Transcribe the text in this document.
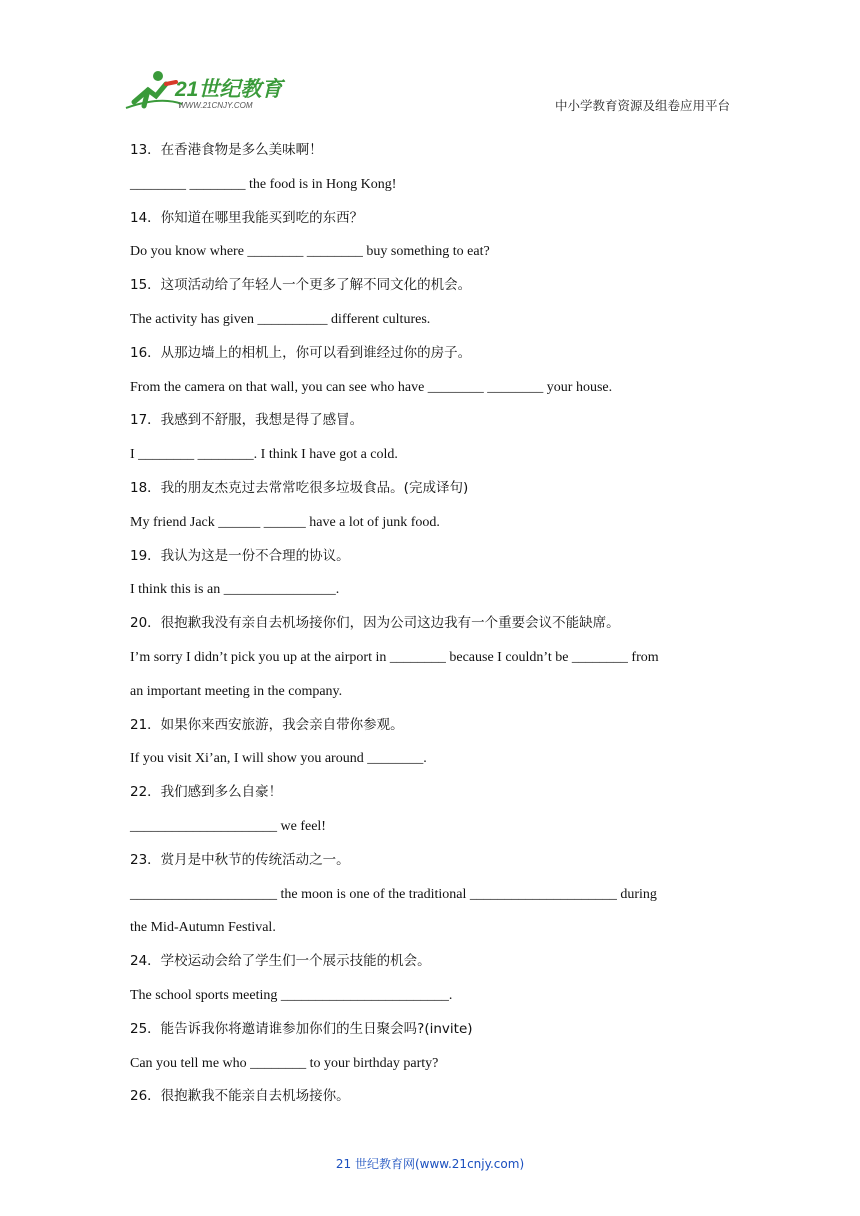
21世纪教育
WWW.21CNJY.COM	中小学教育资源及组卷应用平台
13．在香港食物是多么美味啊！
________ ________ the food is in Hong Kong!
14．你知道在哪里我能买到吃的东西？
Do you know where ________ ________ buy something to eat?
15．这项活动给了年轻人一个更多了解不同文化的机会。
The activity has given __________ different cultures.
16．从那边墙上的相机上，你可以看到谁经过你的房子。
From the camera on that wall, you can see who have ________ ________ your house.
17．我感到不舒服，我想是得了感冒。
I ________ ________. I think I have got a cold.
18．我的朋友杰克过去常常吃很多垃圾食品。(完成译句)
My friend Jack ______ ______ have a lot of junk food.
19．我认为这是一份不合理的协议。
I think this is an ________________.
20．很抱歉我没有亲自去机场接你们，因为公司这边我有一个重要会议不能缺席。
I’m sorry I didn’t pick you up at the airport in ________ because I couldn’t be ________ from
an important meeting in the company.
21．如果你来西安旅游，我会亲自带你参观。
If you visit Xi’an, I will show you around ________.
22．我们感到多么自豪！
_____________________ we feel!
23．赏月是中秋节的传统活动之一。
_____________________ the moon is one of the traditional _____________________ during
the Mid-Autumn Festival.
24．学校运动会给了学生们一个展示技能的机会。
The school sports meeting ________________________.
25．能告诉我你将邀请谁参加你们的生日聚会吗?(invite)
Can you tell me who ________ to your birthday party?
26．很抱歉我不能亲自去机场接你。
21 世纪教育网(www.21cnjy.com)
